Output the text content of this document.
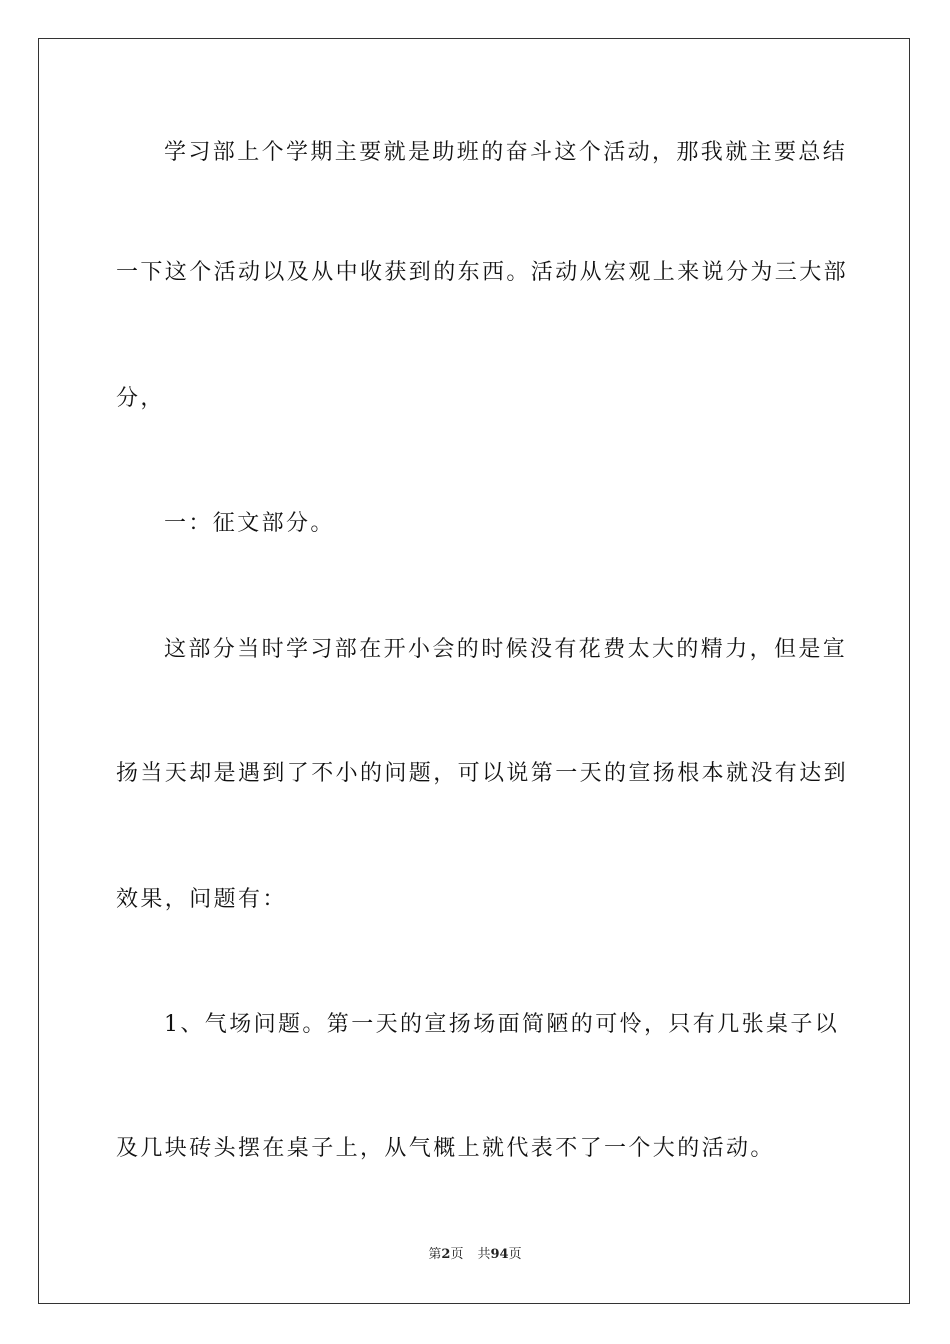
学习部上个学期主要就是助班的奋斗这个活动，那我就主要总结
一下这个活动以及从中收获到的东西。活动从宏观上来说分为三大部
分，
一：征文部分。
这部分当时学习部在开小会的时候没有花费太大的精力，但是宣
扬当天却是遇到了不小的问题，可以说第一天的宣扬根本就没有达到
效果，问题有：
1、气场问题。第一天的宣扬场面简陋的可怜，只有几张桌子以
及几块砖头摆在桌子上，从气概上就代表不了一个大的活动。
第2页 共94页
